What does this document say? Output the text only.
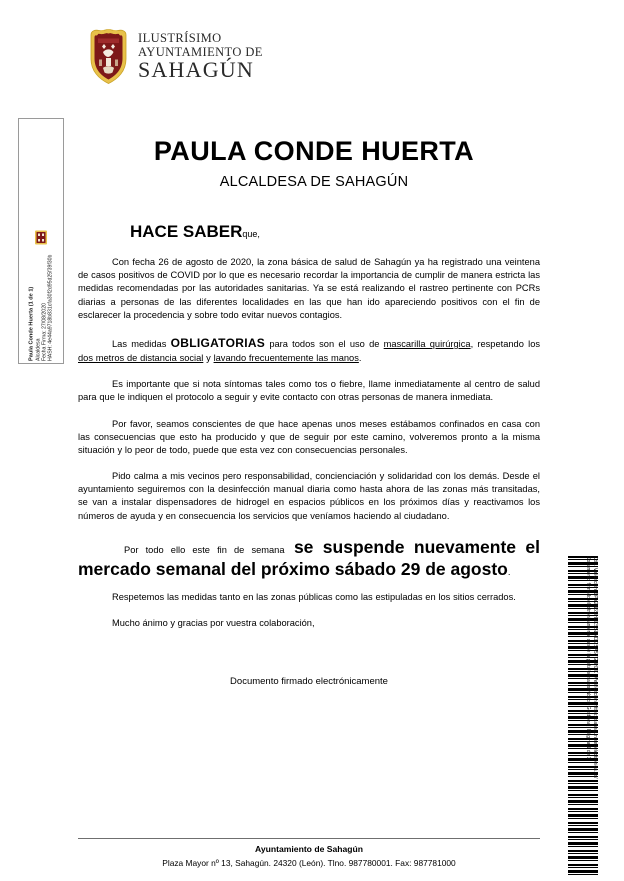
Paula Conde Huerta (1 de 1) Alcaldesa Fecha Firma: 27/08/2020 HASH: 4e44a9718b831cfa30f2d95d25f39f30b
ILUSTRÍSIMO
AYUNTAMIENTO DE
SAHAGÚN
PAULA CONDE HUERTA
ALCALDESA DE SAHAGÚN
HACE SABERque,

Con fecha 26 de agosto de 2020, la zona básica de salud de Sahagún ya ha registrado una veintena de casos positivos de COVID por lo que es necesario recordar la importancia de cumplir de manera estricta las medidas recomendadas por las autoridades sanitarias. Ya se está realizando el rastreo pertinente con PCRs diarias a personas de las diferentes localidades en las que han ido apareciendo positivos con el fin de esclarecer la procedencia y sobre todo evitar nuevos contagios.

Las medidas OBLIGATORIAS para todos son el uso de mascarilla quirúrgica, respetando los dos metros de distancia social y lavando frecuentemente las manos.

Es importante que si nota síntomas tales como tos o fiebre, llame inmediatamente al centro de salud para que le indiquen el protocolo a seguir y evite contacto con otras personas de manera inmediata.

Por favor, seamos conscientes de que hace apenas unos meses estábamos confinados en casa con las consecuencias que esto ha producido y que de seguir por este camino, volveremos pronto a la misma situación y lo peor de todo, puede que esta vez con consecuencias personales.

Pido calma a mis vecinos pero responsabilidad, concienciación y solidaridad con los demás. Desde el ayuntamiento seguiremos con la desinfección manual diaria como hasta ahora de las zonas más transitadas, se van a instalar dispensadores de hidrogel en espacios públicos en los próximos días y reactivamos los números de ayuda y en consecuencia los servicios que veníamos haciendo al ciudadano.

Por todo ello este fin de semana se suspende nuevamente el mercado semanal del próximo sábado 29 de agosto.

Respetemos las medidas tanto en las zonas públicas como las estipuladas en los sitios cerrados.

Mucho ánimo y gracias por vuestra colaboración,

Documento firmado electrónicamente
Ayuntamiento de Sahagún
Plaza Mayor nº 13, Sahagún. 24320 (León). Tlno. 987780001. Fax: 987781000
Cód. Validación: 9PY2N6SH3CSSLNDGSA5TG5H3X | Verificación: https://sahagun.sedelectronica.es/
Documento firmado electrónicamente desde la plataforma esPublico Gestiona | Página 1 de 1
